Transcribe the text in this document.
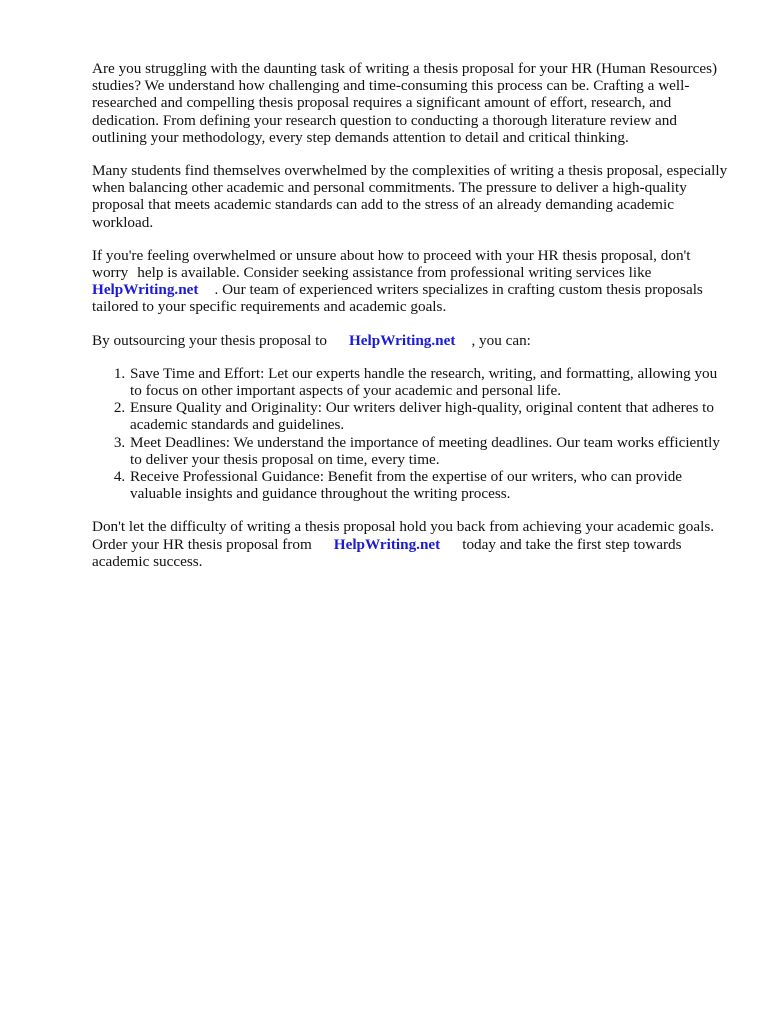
Are you struggling with the daunting task of writing a thesis proposal for your HR (Human Resources) studies? We understand how challenging and time-consuming this process can be. Crafting a well-researched and compelling thesis proposal requires a significant amount of effort, research, and dedication. From defining your research question to conducting a thorough literature review and outlining your methodology, every step demands attention to detail and critical thinking.

Many students find themselves overwhelmed by the complexities of writing a thesis proposal, especially when balancing other academic and personal commitments. The pressure to deliver a high-quality proposal that meets academic standards can add to the stress of an already demanding academic workload.

If you're feeling overwhelmed or unsure about how to proceed with your HR thesis proposal, don't worry help is available. Consider seeking assistance from professional writing services like HelpWriting.net . Our team of experienced writers specializes in crafting custom thesis proposals tailored to your specific requirements and academic goals.

By outsourcing your thesis proposal to HelpWriting.net , you can:

1. Save Time and Effort: Let our experts handle the research, writing, and formatting, allowing you to focus on other important aspects of your academic and personal life.
2. Ensure Quality and Originality: Our writers deliver high-quality, original content that adheres to academic standards and guidelines.
3. Meet Deadlines: We understand the importance of meeting deadlines. Our team works efficiently to deliver your thesis proposal on time, every time.
4. Receive Professional Guidance: Benefit from the expertise of our writers, who can provide valuable insights and guidance throughout the writing process.

Don't let the difficulty of writing a thesis proposal hold you back from achieving your academic goals. Order your HR thesis proposal from HelpWriting.net today and take the first step towards academic success.
